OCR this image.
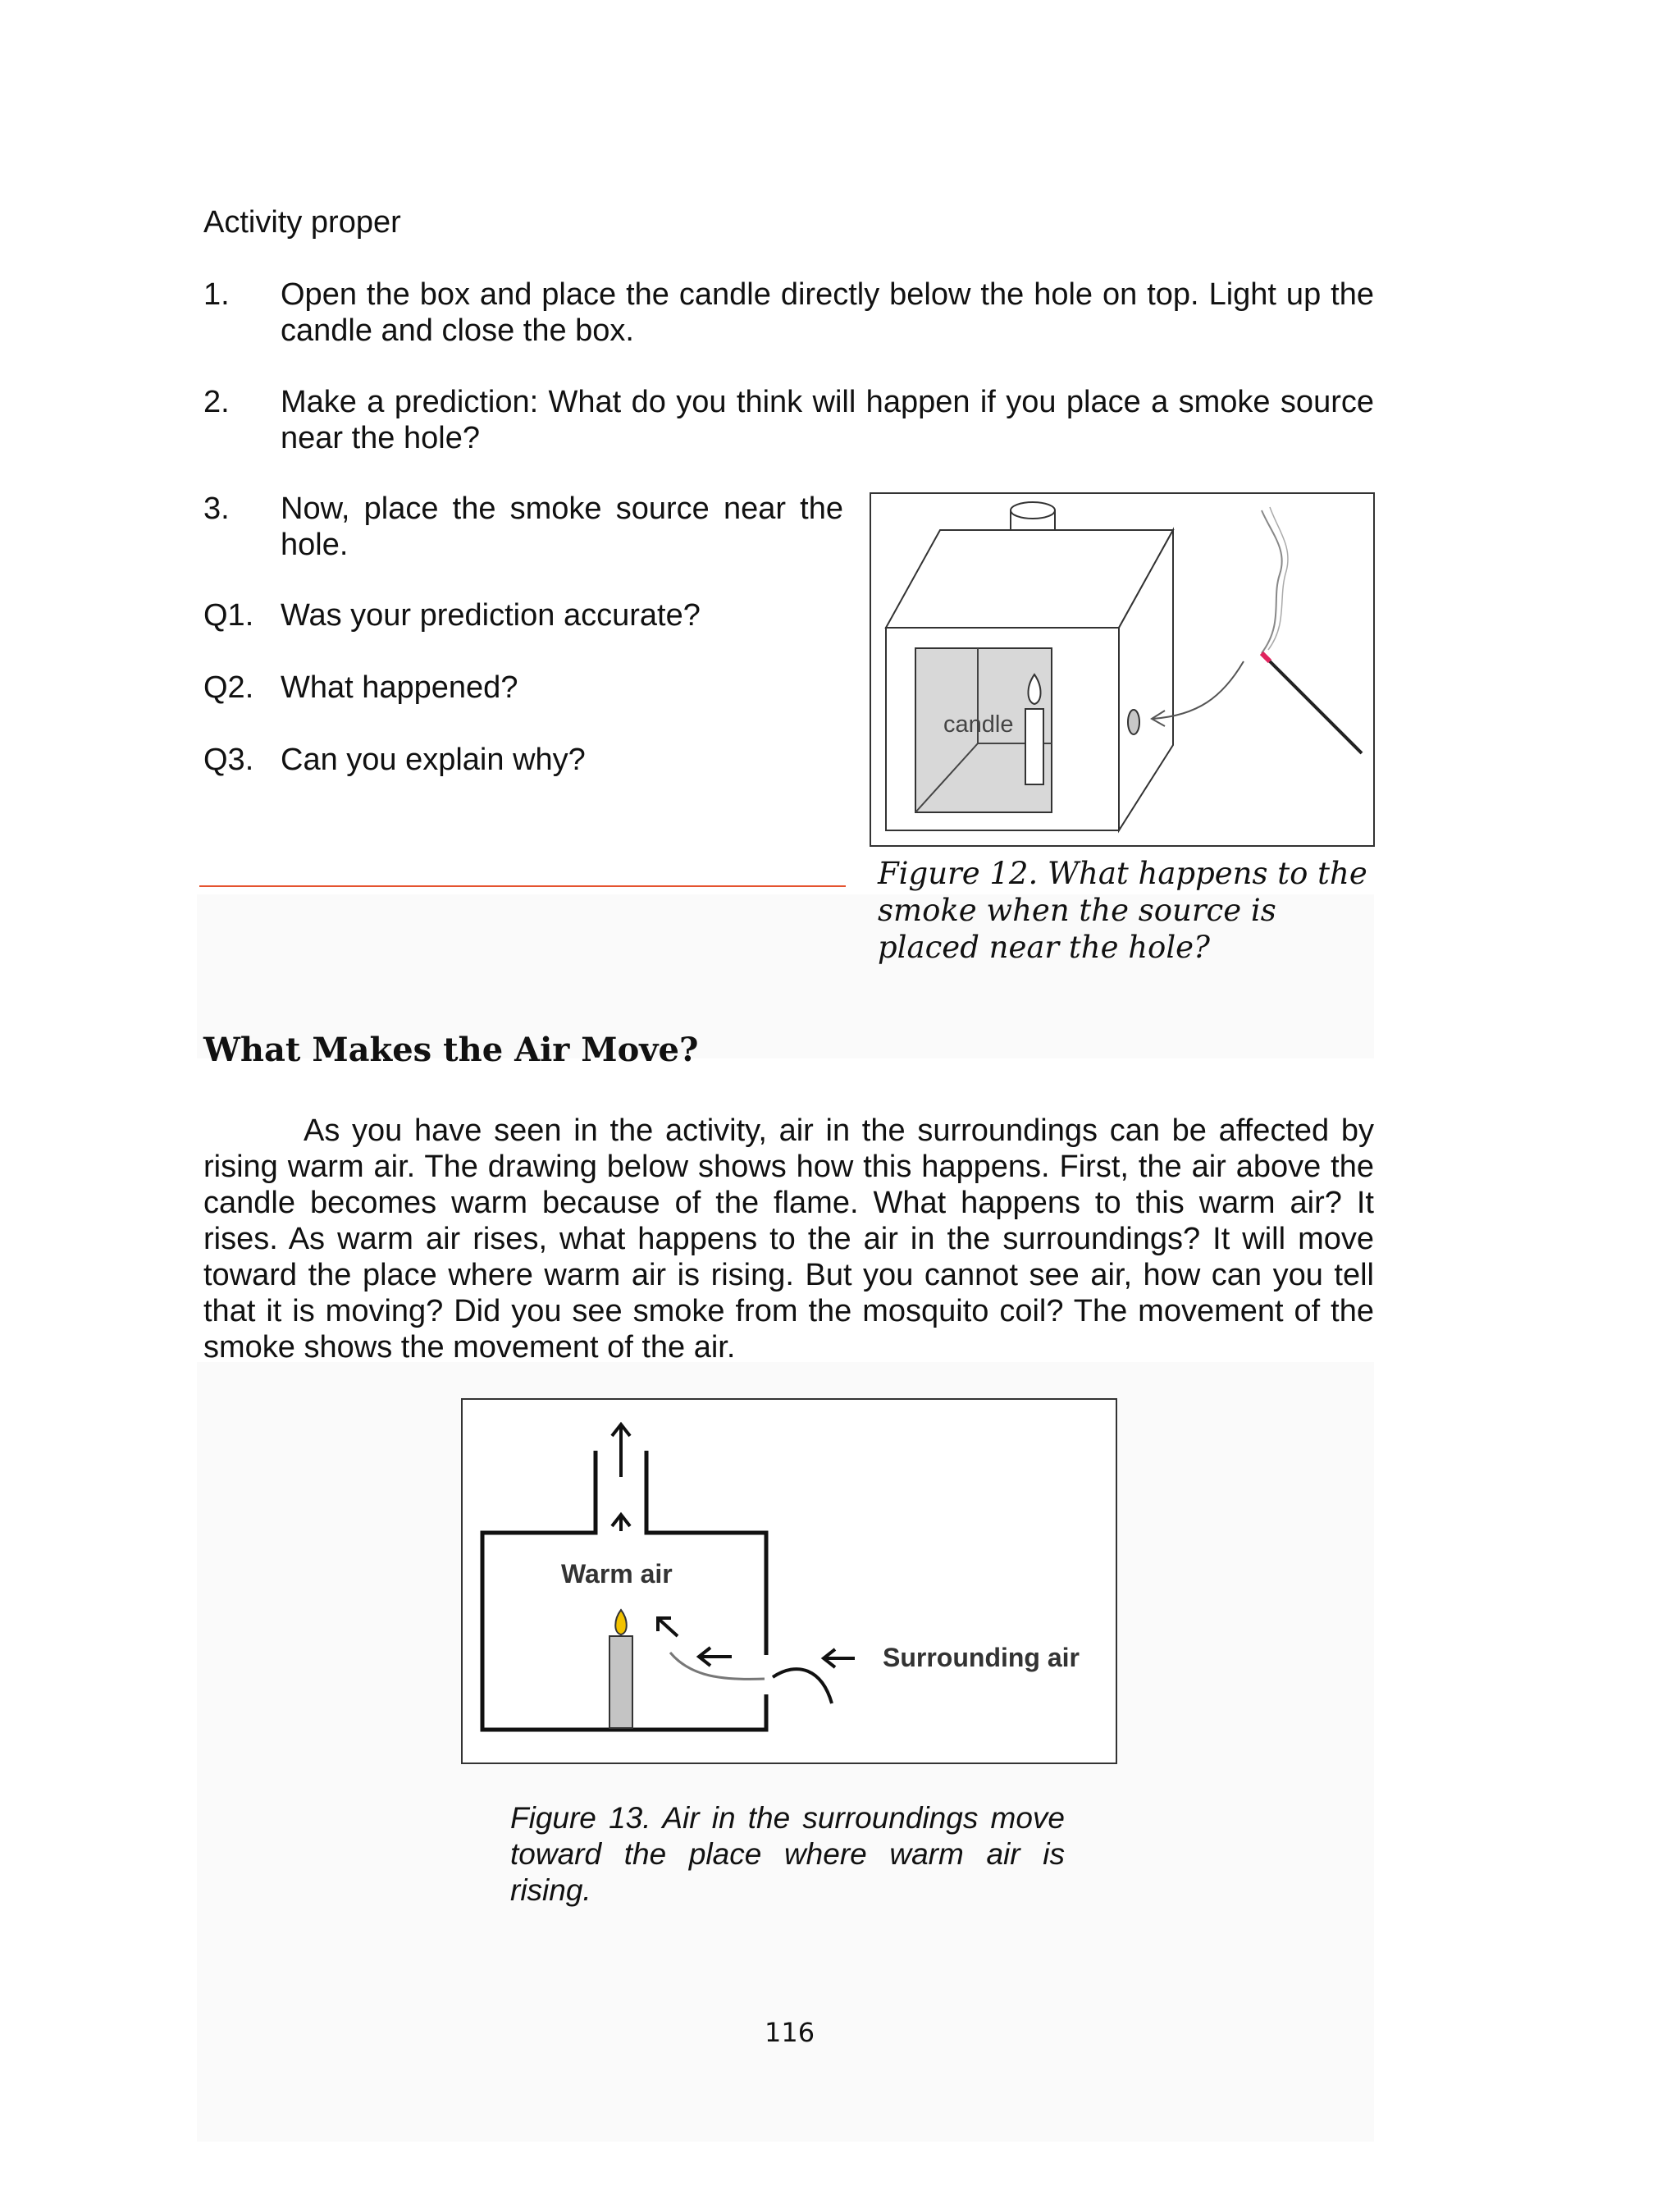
Activity proper
1. Open the box and place the candle directly below the hole on top. Light up the candle and close the box.
2. Make a prediction: What do you think will happen if you place a smoke source near the hole?
3. Now, place the smoke source near the hole.
Q1. Was your prediction accurate?
Q2. What happened?
Q3. Can you explain why?
candle
Figure 12. What happens to the smoke when the source is placed near the hole?
What Makes the Air Move?
As you have seen in the activity, air in the surroundings can be affected by rising warm air. The drawing below shows how this happens. First, the air above the candle becomes warm because of the flame. What happens to this warm air? It rises. As warm air rises, what happens to the air in the surroundings? It will move toward the place where warm air is rising. But you cannot see air, how can you tell that it is moving? Did you see smoke from the mosquito coil? The movement of the smoke shows the movement of the air.
Warm air
Surrounding air
Figure 13. Air in the surroundings move toward the place where warm air is rising.
116
